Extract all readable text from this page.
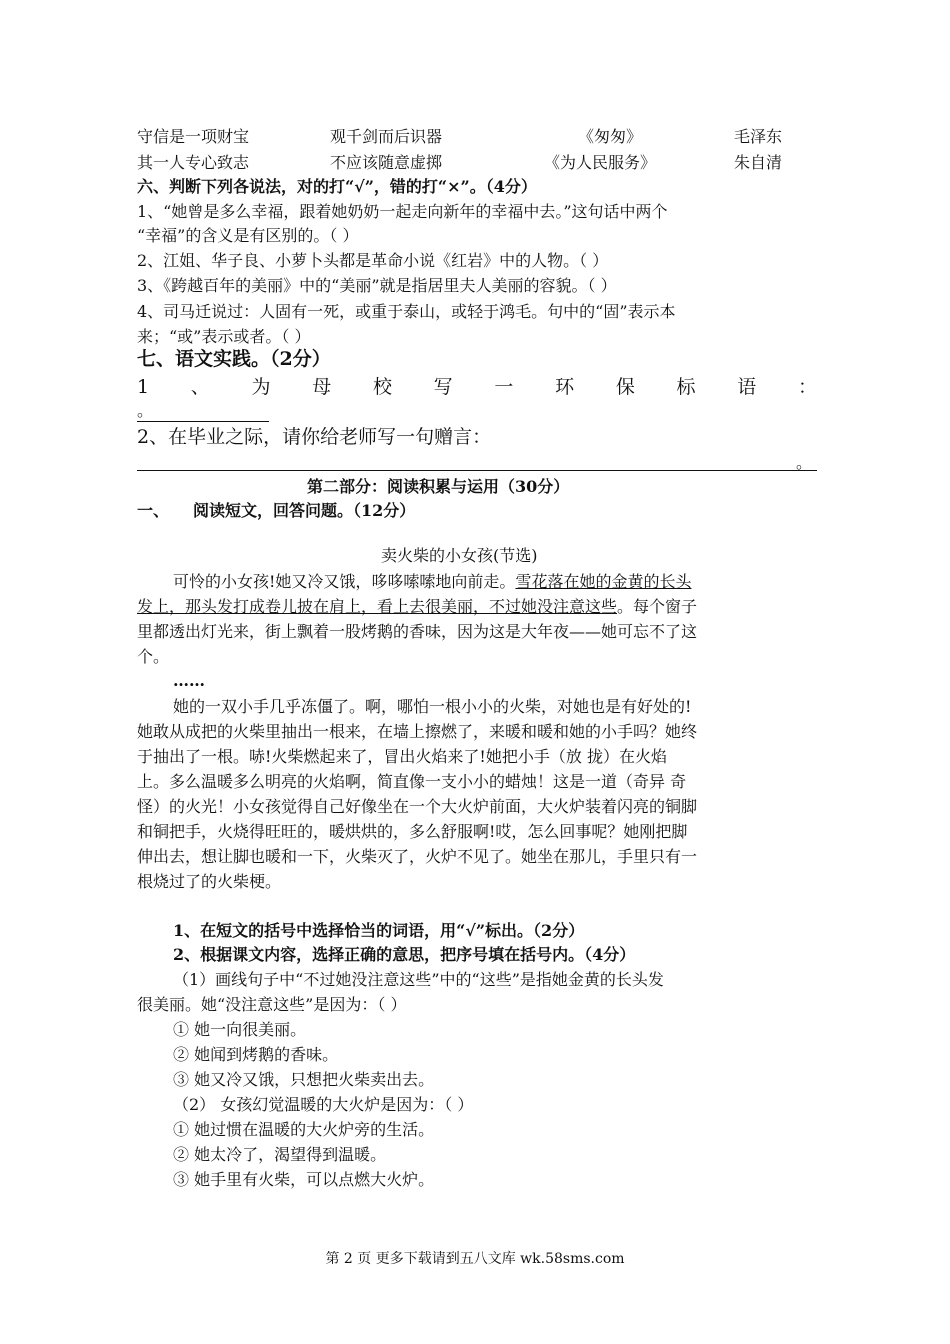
守信是一项财宝	观千剑而后识器	《匆匆》	毛泽东
其一人专心致志	不应该随意虚掷	《为人民服务》	朱自清
六、判断下列各说法，对的打“√”，错的打“×”。（4分）
1、“她曾是多么幸福，跟着她奶奶一起走向新年的幸福中去。”这句话中两个
“幸福”的含义是有区别的。（ ）
2、江姐、华子良、小萝卜头都是革命小说《红岩》中的人物。（ ）
3、《跨越百年的美丽》中的“美丽”就是指居里夫人美丽的容貌。（ ）
4、司马迁说过：人固有一死，或重于泰山，或轻于鸿毛。句中的“固”表示本
来；“或”表示或者。（ ）
七、语文实践。（2分）
1 、 为 母 校 写 一 环 保 标 语 ：
。
2、在毕业之际，请你给老师写一句赠言：
。
第二部分：阅读积累与运用（30分）
一、 阅读短文，回答问题。（12分）
卖火柴的小女孩(节选)
可怜的小女孩!她又冷又饿，哆哆嗦嗦地向前走。雪花落在她的金黄的长头
发上，那头发打成卷儿披在肩上，看上去很美丽，不过她没注意这些。每个窗子
里都透出灯光来，街上飘着一股烤鹅的香味，因为这是大年夜——她可忘不了这
个。
……
她的一双小手几乎冻僵了。啊，哪怕一根小小的火柴，对她也是有好处的!
她敢从成把的火柴里抽出一根来，在墙上擦燃了，来暖和暖和她的小手吗？她终
于抽出了一根。哧!火柴燃起来了，冒出火焰来了!她把小手（放 拢）在火焰
上。多么温暖多么明亮的火焰啊，简直像一支小小的蜡烛！这是一道（奇异 奇
怪）的火光！小女孩觉得自己好像坐在一个大火炉前面，大火炉装着闪亮的铜脚
和铜把手，火烧得旺旺的，暖烘烘的，多么舒服啊!哎，怎么回事呢？她刚把脚
伸出去，想让脚也暖和一下，火柴灭了，火炉不见了。她坐在那儿，手里只有一
根烧过了的火柴梗。
1、在短文的括号中选择恰当的词语，用“√”标出。（2分）
2、根据课文内容，选择正确的意思，把序号填在括号内。（4分）
（1）画线句子中“不过她没注意这些”中的“这些”是指她金黄的长头发
很美丽。她“没注意这些”是因为：（ ）
① 她一向很美丽。
② 她闻到烤鹅的香味。
③ 她又冷又饿，只想把火柴卖出去。
（2） 女孩幻觉温暖的大火炉是因为：（ ）
① 她过惯在温暖的大火炉旁的生活。
② 她太冷了，渴望得到温暖。
③ 她手里有火柴，可以点燃大火炉。
第 2 页 更多下载请到五八文库 wk.58sms.com
